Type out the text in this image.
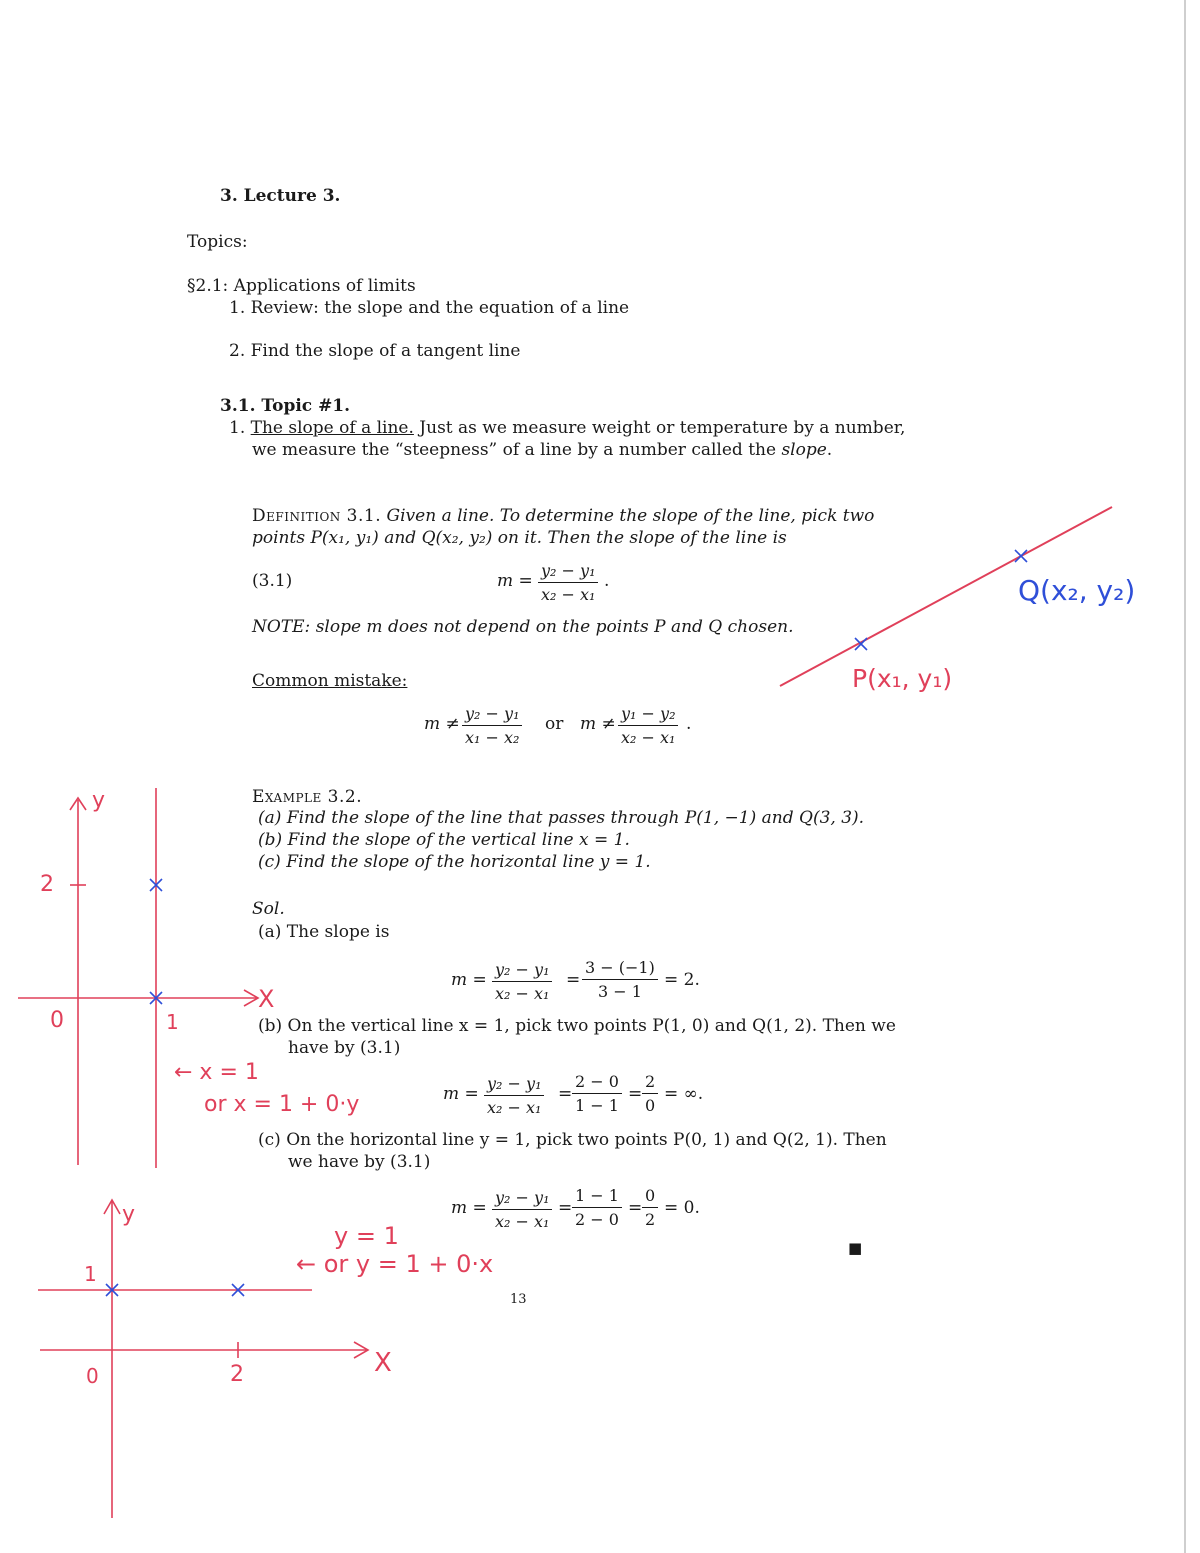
3. Lecture 3.
Topics:
§2.1: Applications of limits
1. Review: the slope and the equation of a line
2. Find the slope of a tangent line
3.1. Topic #1.
1. The slope of a line. Just as we measure weight or temperature by a number,
we measure the “steepness” of a line by a number called the slope.
Definition 3.1. Given a line. To determine the slope of the line, pick two
points P(x₁, y₁) and Q(x₂, y₂) on it. Then the slope of the line is
(3.1)	$m = \frac{\text{y₂ − y₁}}{\text{x₂ − x₁}}$ .
NOTE: slope m does not depend on the points P and Q chosen.
Common mistake:
$m \ne \frac{\text{y₂ − y₁}}{\text{x₁ − x₂}}$ or $m \ne \frac{\text{y₁ − y₂}}{\text{x₂ − x₁}}$ .
Example 3.2.
(a) Find the slope of the line that passes through P(1, −1) and Q(3, 3).
(b) Find the slope of the vertical line x = 1.
(c) Find the slope of the horizontal line y = 1.
Sol.
(a) The slope is
$m = \frac{\text{y₂ − y₁}}{\text{x₂ − x₁}} = \frac{3 - (-1)}{3 - 1} = 2$.
(b) On the vertical line x = 1, pick two points P(1, 0) and Q(1, 2). Then we
have by (3.1)
$m = \frac{\text{y₂ − y₁}}{\text{x₂ − x₁}} = \frac{2 - 0}{1 - 1} = \frac{2}{0}$ = ∞.
(c) On the horizontal line y = 1, pick two points P(0, 1) and Q(2, 1). Then
we have by (3.1)
$m = \frac{\text{y₂ − y₁}}{\text{x₂ − x₁}} = \frac{1 - 1}{2 - 0} = \frac{0}{2} = 0$.
■
13
Q(x₂, y₂)
P(x₁, y₁)
y
2
0	1
X
← x = 1
or x = 1 + 0·y
y
1
0	2	X
y = 1
← or y = 1 + 0·x
